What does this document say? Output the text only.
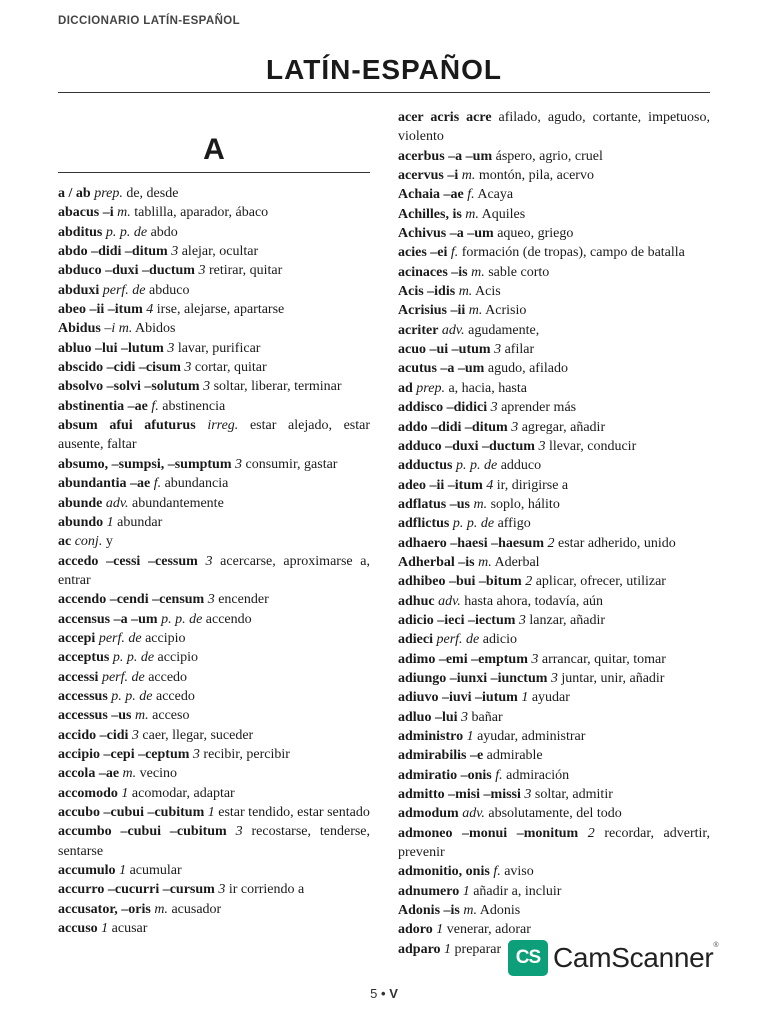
DICCIONARIO LATÍN-ESPAÑOL
LATÍN-ESPAÑOL
A

a / ab prep. de, desde

abacus –i m. tablilla, aparador, ábaco

abditus p. p. de abdo

abdo –didi –ditum 3 alejar, ocultar

abduco –duxi –ductum 3 retirar, quitar

abduxi perf. de abduco

abeo –ii –itum 4 irse, alejarse, apartarse

Abidus –i m. Abidos

abluo –lui –lutum 3 lavar, purificar

abscido –cidi –cisum 3 cortar, quitar

absolvo –solvi –solutum 3 soltar, liberar, terminar

abstinentia –ae f. abstinencia

absum afui afuturus irreg. estar alejado, estar ausente, faltar

absumo, –sumpsi, –sumptum 3 consumir, gastar

abundantia –ae f. abundancia

abunde adv. abundantemente

abundo 1 abundar

ac conj. y

accedo –cessi –cessum 3 acercarse, aproximarse a, entrar

accendo –cendi –censum 3 encender

accensus –a –um p. p. de accendo

accepi perf. de accipio

acceptus p. p. de accipio

accessi perf. de accedo

accessus p. p. de accedo

accessus –us m. acceso

accido –cidi 3 caer, llegar, suceder

accipio –cepi –ceptum 3 recibir, percibir

accola –ae m. vecino

accomodo 1 acomodar, adaptar

accubo –cubui –cubitum 1 estar tendido, estar sentado

accumbo –cubui –cubitum 3 recostarse, tenderse, sentarse

accumulo 1 acumular

accurro –cucurri –cursum 3 ir corriendo a

accusator, –oris m. acusador

accuso 1 acusar

acer acris acre afilado, agudo, cortante, impetuoso, violento

acerbus –a –um áspero, agrio, cruel

acervus –i m. montón, pila, acervo

Achaia –ae f. Acaya

Achilles, is m. Aquiles

Achivus –a –um aqueo, griego

acies –ei f. formación (de tropas), campo de batalla

acinaces –is m. sable corto

Acis –idis m. Acis

Acrisius –ii m. Acrisio

acriter adv. agudamente,

acuo –ui –utum 3 afilar

acutus –a –um agudo, afilado

ad prep. a, hacia, hasta

addisco –didici 3 aprender más

addo –didi –ditum 3 agregar, añadir

adduco –duxi –ductum 3 llevar, conducir

adductus p. p. de adduco

adeo –ii –itum 4 ir, dirigirse a

adflatus –us m. soplo, hálito

adflictus p. p. de affigo

adhaero –haesi –haesum 2 estar adherido, unido

Adherbal –is m. Aderbal

adhibeo –bui –bitum 2 aplicar, ofrecer, utilizar

adhuc adv. hasta ahora, todavía, aún

adicio –ieci –iectum 3 lanzar, añadir

adieci perf. de adicio

adimo –emi –emptum 3 arrancar, quitar, tomar

adiungo –iunxi –iunctum 3 juntar, unir, añadir

adiuvo –iuvi –iutum 1 ayudar

adluo –lui 3 bañar

administro 1 ayudar, administrar

admirabilis –e admirable

admiratio –onis f. admiración

admitto –misi –missi 3 soltar, admitir

admodum adv. absolutamente, del todo

admoneo –monui –monitum 2 recordar, advertir, prevenir

admonitio, onis f. aviso

adnumero 1 añadir a, incluir

Adonis –is m. Adonis

adoro 1 venerar, adorar

adparo 1 preparar CS CamScanner®
5 • V
